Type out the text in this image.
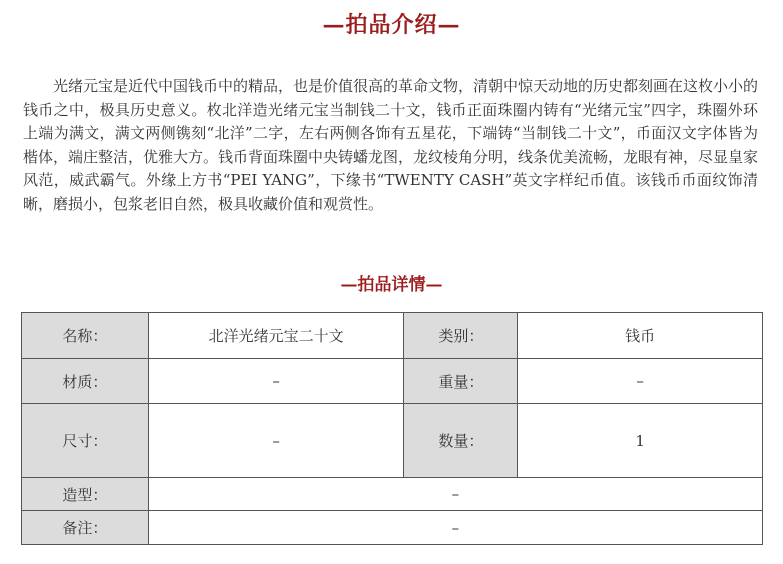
—拍品介绍—

光绪元宝是近代中国钱币中的精品，也是价值很高的革命文物，清朝中惊天动地的历史都刻画在这枚小小的钱币之中，极具历史意义。枚北洋造光绪元宝当制钱二十文，钱币正面珠圈内铸有“光绪元宝”四字，珠圈外环上端为满文，满文两侧镌刻“北洋”二字，左右两侧各饰有五星花，下端铸“当制钱二十文”，币面汉文字体皆为楷体，端庄整洁，优雅大方。钱币背面珠圈中央铸蟠龙图，龙纹棱角分明，线条优美流畅，龙眼有神，尽显皇家风范，威武霸气。外缘上方书“PEI YANG”，下缘书“TWENTY CASH”英文字样纪币值。该钱币币面纹饰清晰，磨损小，包浆老旧自然，极具收藏价值和观赏性。

—拍品详情—
名称：	北洋光绪元宝二十文	类别：	钱币
材质：	–	重量：	–
尺寸：	–	数量：	1
造型：	–		
备注：	–		
